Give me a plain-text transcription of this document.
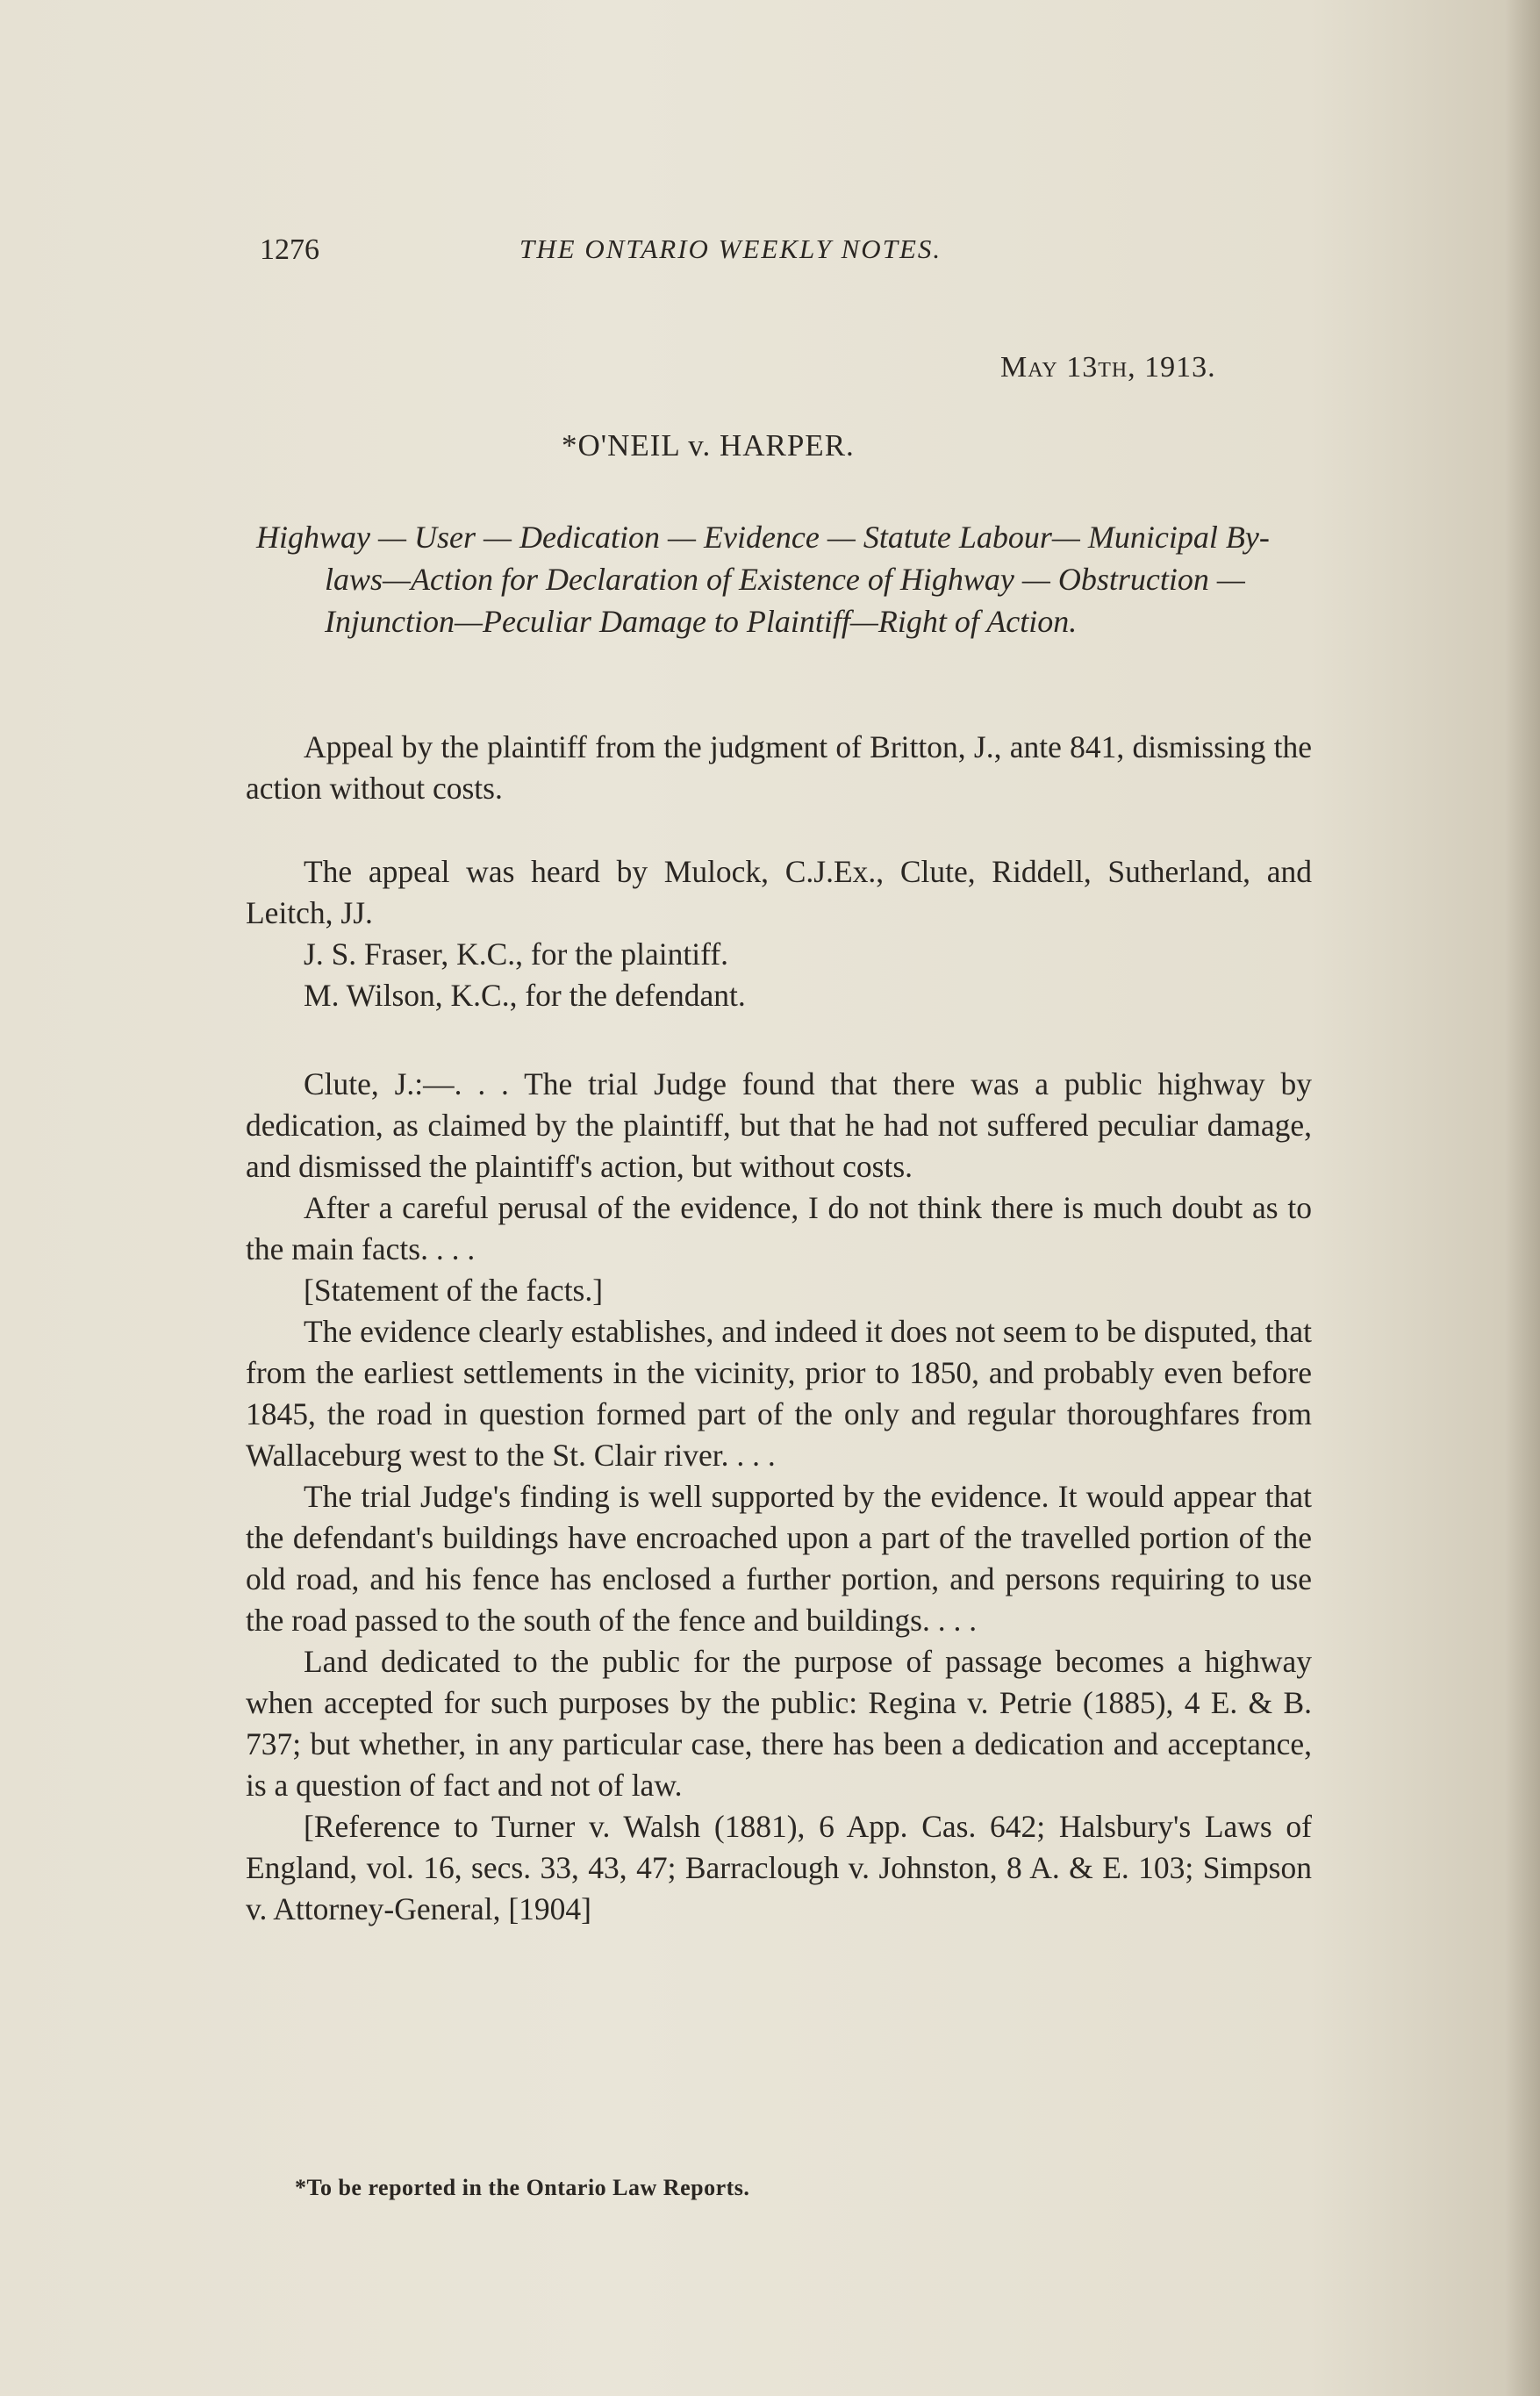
1276	THE ONTARIO WEEKLY NOTES.
May 13th, 1913.
*O'NEIL v. HARPER.
Highway — User — Dedication — Evidence — Statute Labour— Municipal By-laws—Action for Declaration of Existence of Highway — Obstruction — Injunction—Peculiar Damage to Plaintiff—Right of Action.

Appeal by the plaintiff from the judgment of Britton, J., ante 841, dismissing the action without costs.

The appeal was heard by Mulock, C.J.Ex., Clute, Riddell, Sutherland, and Leitch, JJ.

J. S. Fraser, K.C., for the plaintiff.

M. Wilson, K.C., for the defendant.

Clute, J.:—. . . The trial Judge found that there was a public highway by dedication, as claimed by the plaintiff, but that he had not suffered peculiar damage, and dismissed the plaintiff's action, but without costs.

After a careful perusal of the evidence, I do not think there is much doubt as to the main facts. . . .

[Statement of the facts.]

The evidence clearly establishes, and indeed it does not seem to be disputed, that from the earliest settlements in the vicinity, prior to 1850, and probably even before 1845, the road in question formed part of the only and regular thoroughfares from Wallaceburg west to the St. Clair river. . . .

The trial Judge's finding is well supported by the evidence. It would appear that the defendant's buildings have encroached upon a part of the travelled portion of the old road, and his fence has enclosed a further portion, and persons requiring to use the road passed to the south of the fence and buildings. . . .

Land dedicated to the public for the purpose of passage becomes a highway when accepted for such purposes by the public: Regina v. Petrie (1885), 4 E. & B. 737; but whether, in any particular case, there has been a dedication and acceptance, is a question of fact and not of law.

[Reference to Turner v. Walsh (1881), 6 App. Cas. 642; Halsbury's Laws of England, vol. 16, secs. 33, 43, 47; Barraclough v. Johnston, 8 A. & E. 103; Simpson v. Attorney-General, [1904]

*To be reported in the Ontario Law Reports.
